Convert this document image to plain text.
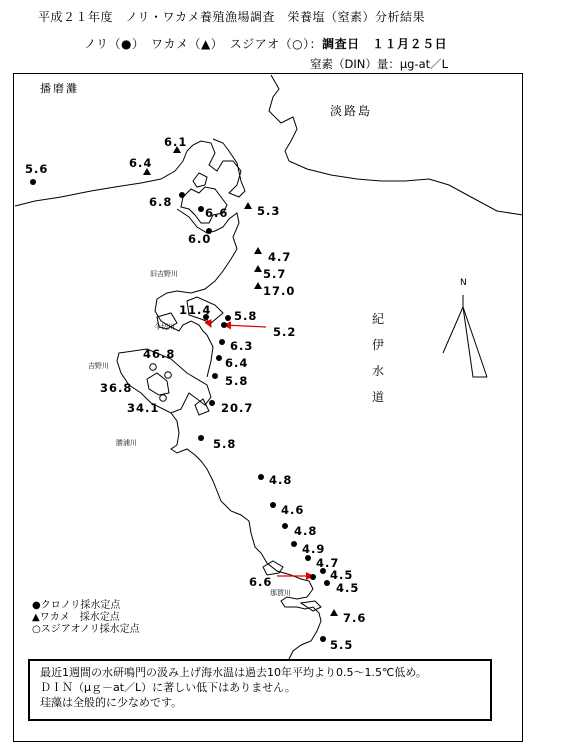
平成２１年度　ノリ・ワカメ養殖漁場調査　栄養塩（窒素）分析結果
ノリ（●）　ワカメ（▲）　スジアオ（○）：調査日　１１月２５日
窒素（DIN）量：μg-at／L
6.1
6.4
5.6
6.8
6.6 5.3
6.0
4.7
5.7
17.0
5.8
11.4
5.2
6.3
6.4
5.8
46.8
36.8
34.1	20.7
5.8
4.8
4.6
4.8
4.9
4.7
4.5
6.6	4.5
7.6
5.5
播磨灘
淡路島
紀伊水道
N
旧吉野川
今切川
吉野川
勝浦川
那賀川
●クロノリ採水定点
▲ワカメ　採水定点
○スジアオノリ採水定点
最近1週間の水研鳴門の汲み上げ海水温は過去10年平均より0.5～1.5℃低め。
ＤＩＮ（μｇ－at／L）に著しい低下はありません。
珪藻は全般的に少なめです。
